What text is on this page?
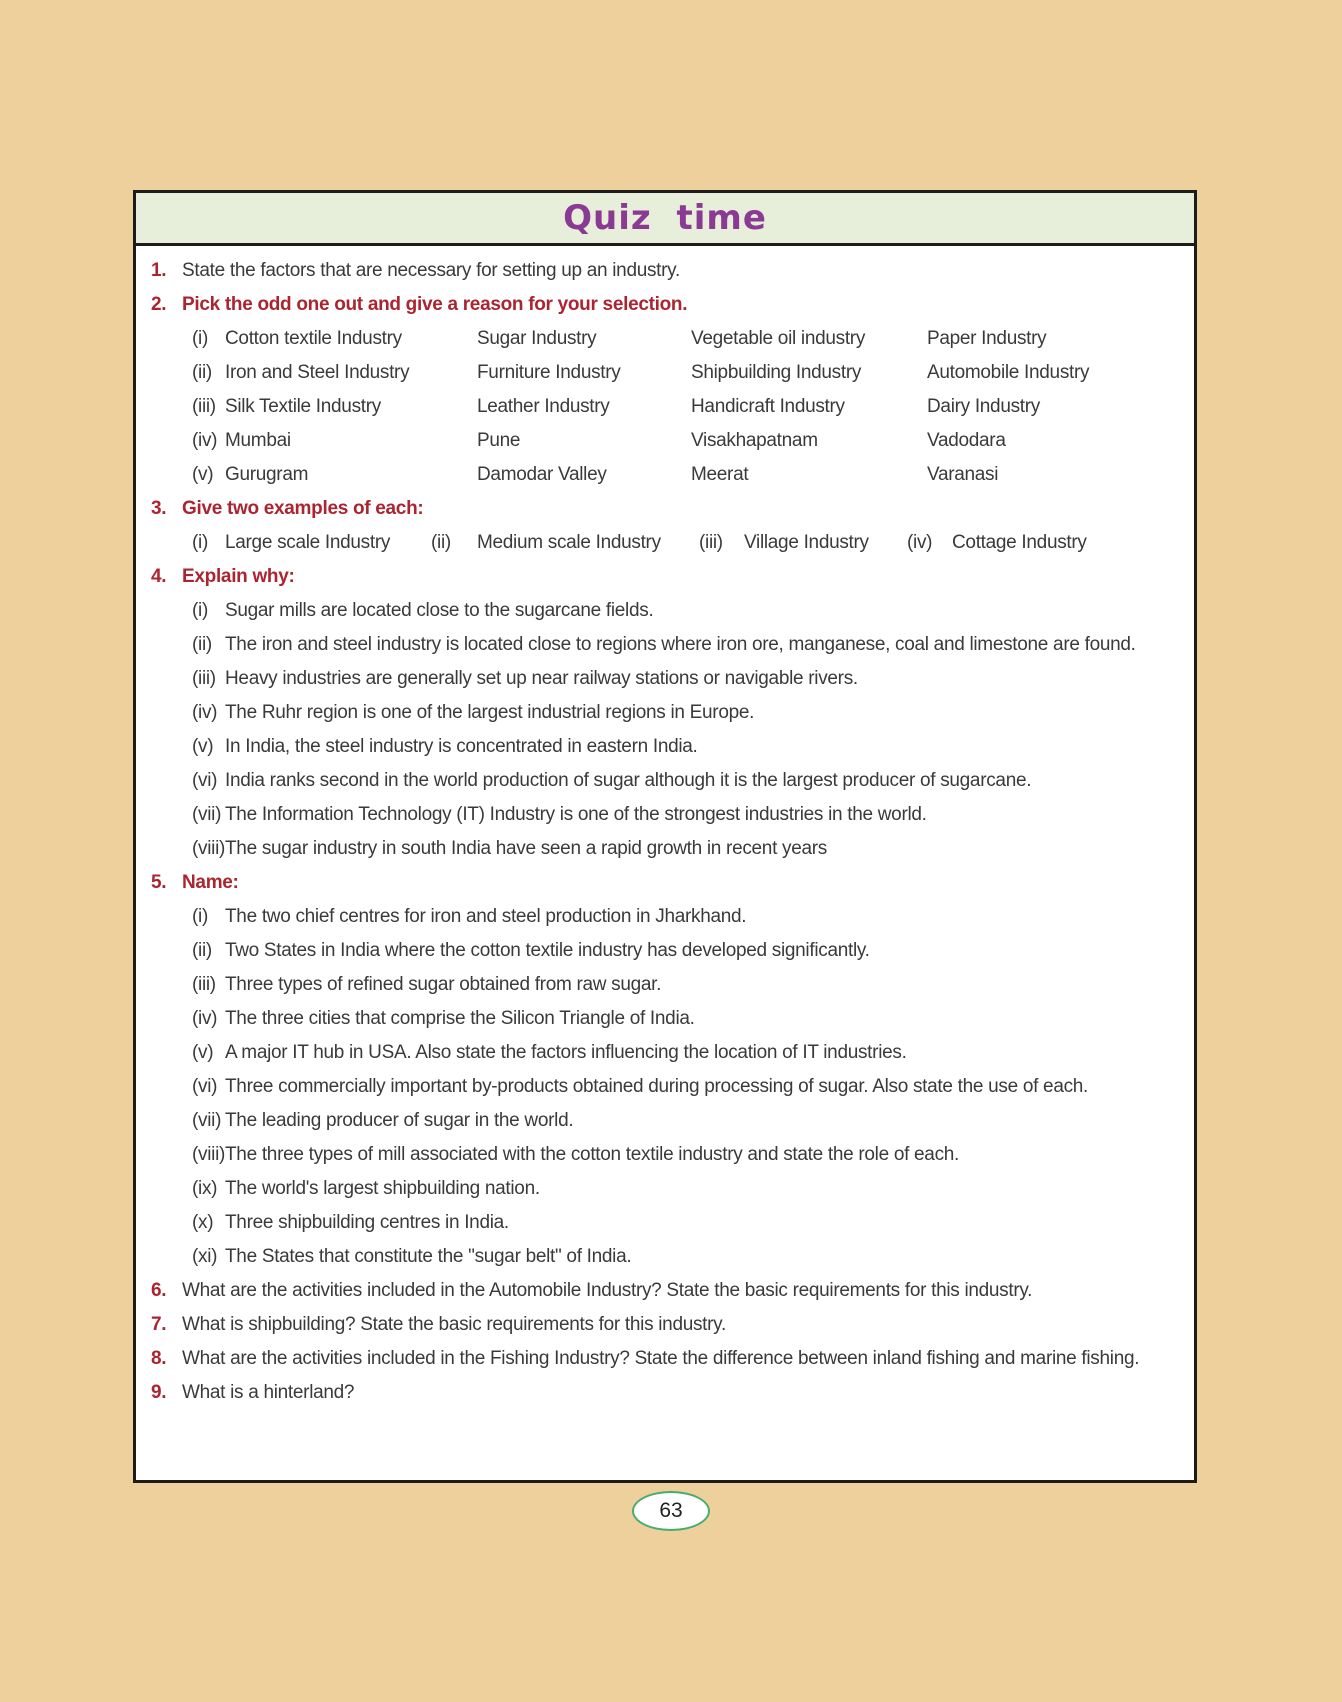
Quiz time
1. State the factors that are necessary for setting up an industry.
2. Pick the odd one out and give a reason for your selection.
(i) Cotton textile Industry	Sugar Industry	Vegetable oil industry	Paper Industry
(ii) Iron and Steel Industry	Furniture Industry	Shipbuilding Industry	Automobile Industry
(iii) Silk Textile Industry	Leather Industry	Handicraft Industry	Dairy Industry
(iv) Mumbai	Pune	Visakhapatnam	Vadodara
(v) Gurugram	Damodar Valley	Meerat	Varanasi
3. Give two examples of each:
(i) Large scale Industry	(ii)	Medium scale Industry	(iii)	Village Industry	(iv)	Cottage Industry
4. Explain why:
(i) Sugar mills are located close to the sugarcane fields.
(ii) The iron and steel industry is located close to regions where iron ore, manganese, coal and limestone are found.
(iii) Heavy industries are generally set up near railway stations or navigable rivers.
(iv) The Ruhr region is one of the largest industrial regions in Europe.
(v) In India, the steel industry is concentrated in eastern India.
(vi) India ranks second in the world production of sugar although it is the largest producer of sugarcane.
(vii) The Information Technology (IT) Industry is one of the strongest industries in the world.
(viii) The sugar industry in south India have seen a rapid growth in recent years
5. Name:
(i) The two chief centres for iron and steel production in Jharkhand.
(ii) Two States in India where the cotton textile industry has developed significantly.
(iii) Three types of refined sugar obtained from raw sugar.
(iv) The three cities that comprise the Silicon Triangle of India.
(v) A major IT hub in USA. Also state the factors influencing the location of IT industries.
(vi) Three commercially important by-products obtained during processing of sugar. Also state the use of each.
(vii) The leading producer of sugar in the world.
(viii) The three types of mill associated with the cotton textile industry and state the role of each.
(ix) The world's largest shipbuilding nation.
(x) Three shipbuilding centres in India.
(xi) The States that constitute the "sugar belt" of India.
6. What are the activities included in the Automobile Industry? State the basic requirements for this industry.
7. What is shipbuilding? State the basic requirements for this industry.
8. What are the activities included in the Fishing Industry? State the difference between inland fishing and marine fishing.
9. What is a hinterland?
63
